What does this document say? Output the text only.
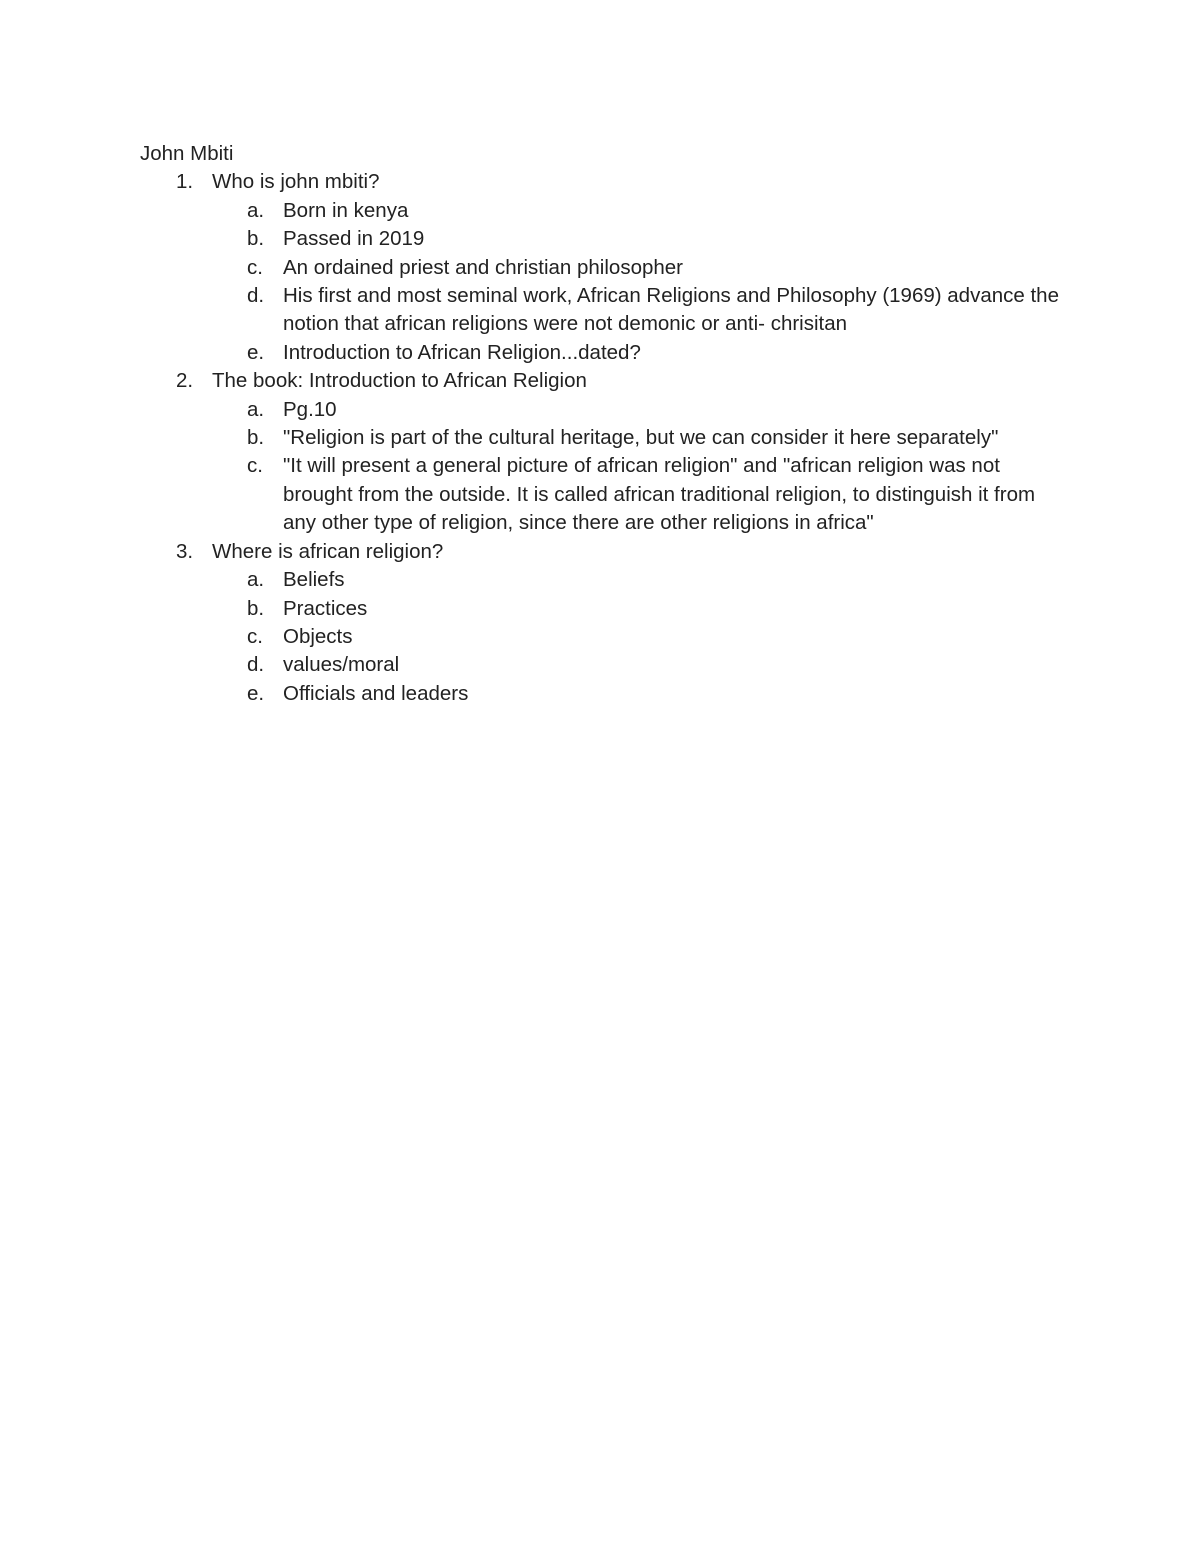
John Mbiti
1. Who is john mbiti?
a. Born in kenya
b. Passed in 2019
c. An ordained priest and christian philosopher
d. His first and most seminal work, African Religions and Philosophy (1969) advance the notion that african religions were not demonic or anti- chrisitan
e. Introduction to African Religion...dated?
2. The book: Introduction to African Religion
a. Pg.10
b. "Religion is part of the cultural heritage, but we can consider it here separately"
c. "It will present a general picture of african religion" and "african religion was not brought from the outside. It is called african traditional religion, to distinguish it from any other type of religion, since there are other religions in africa"
3. Where is african religion?
a. Beliefs
b. Practices
c. Objects
d. values/moral
e. Officials and leaders
